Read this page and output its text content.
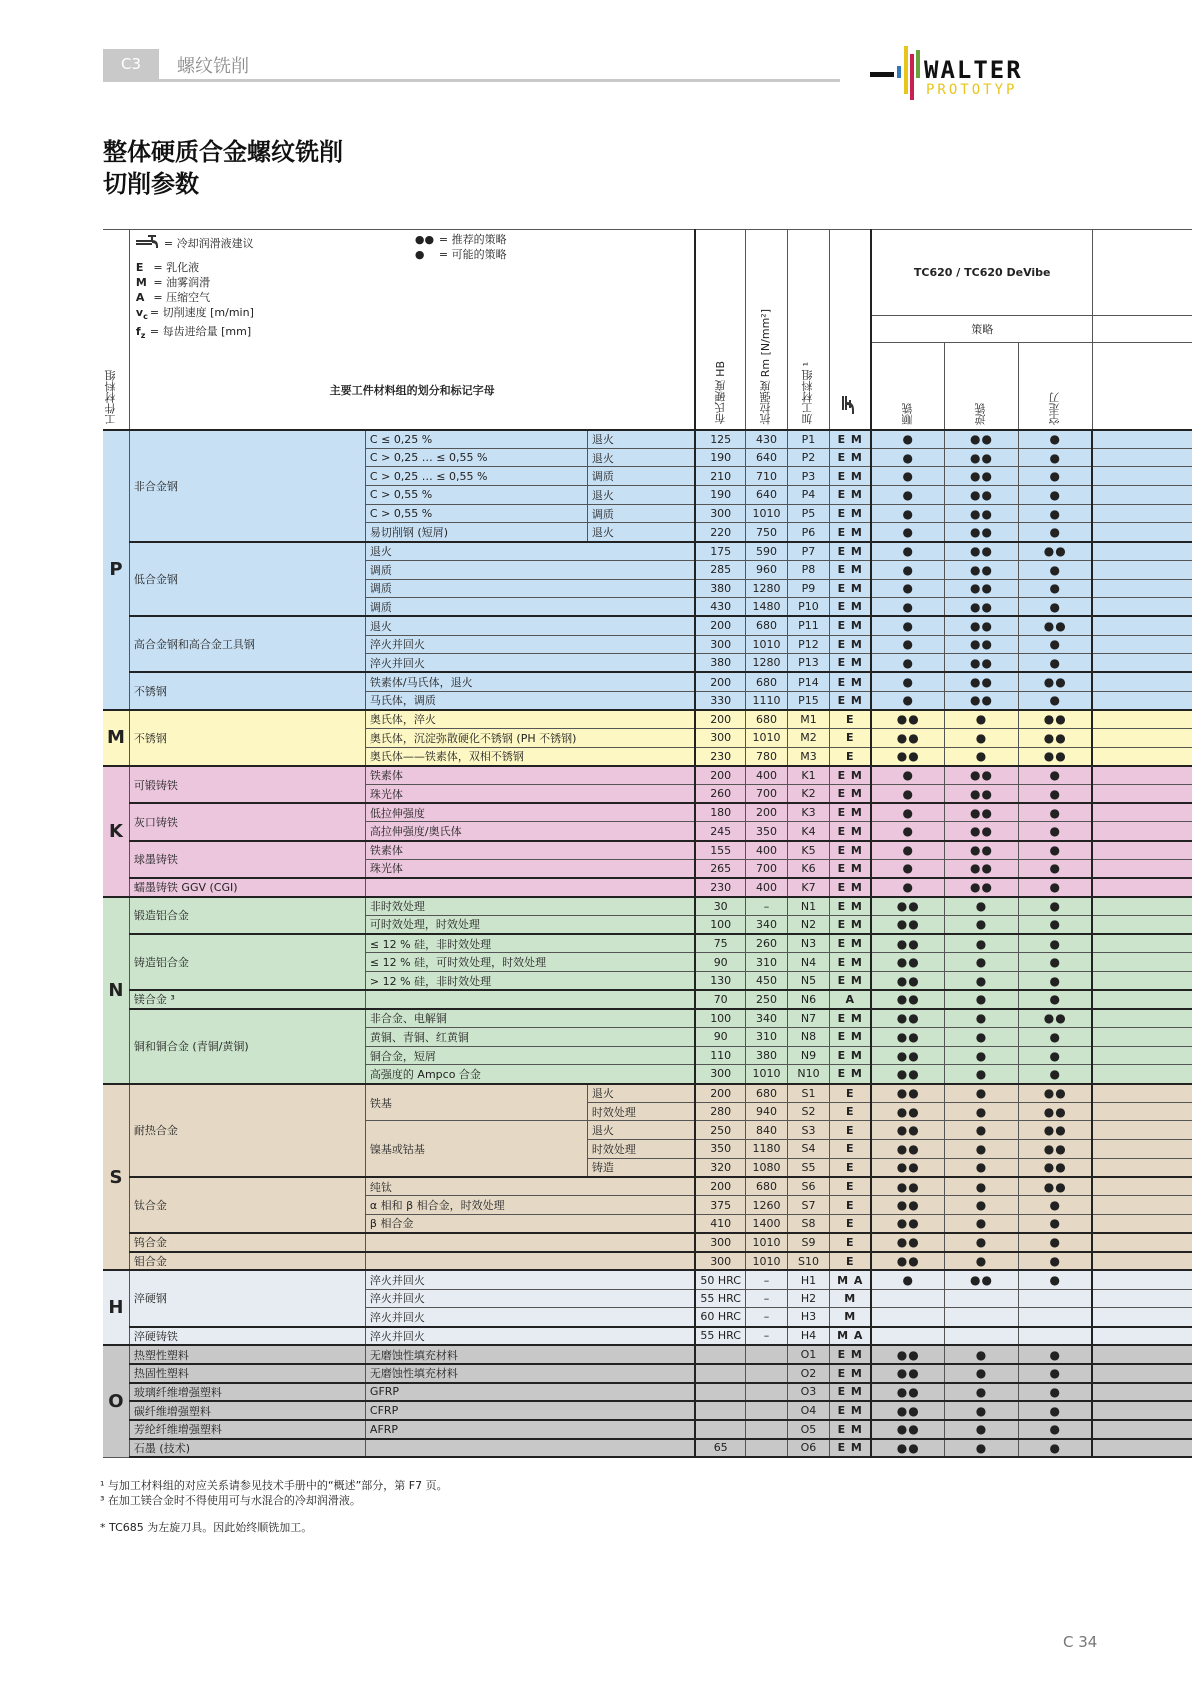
C3	螺纹铣削	WALTER
PROTOTYP
整体硬质合金螺纹铣削
切削参数
工件材料组

= 冷却润滑液建议
E = 乳化液
M = 油雾润滑
A = 压缩空气
$v_c$ = 切削速度 [m/min]
$f_z$ = 每齿进给量 [mm]
●● = 推荐的策略
● = 可能的策略
主要工件材料组的划分和标记字母	布氏硬度 HB	抗拉强度 Rm [N/mm²]	加工材料组 ¹
		TC620 / TC620 DeVibe	
								策略			

								顺铣	逆铣	空走刀	

P	非合金钢	C ≤ 0,25 %	退火	125	430	P1	E M	●	●●	●	
		C > 0,25 … ≤ 0,55 %	退火	190	640	P2	E M	●	●●	●	
		C > 0,25 … ≤ 0,55 %	调质	210	710	P3	E M	●	●●	●	
		C > 0,55 %	退火	190	640	P4	E M	●	●●	●	
		C > 0,55 %	调质	300	1010	P5	E M	●	●●	●	
		易切削钢 (短屑)	退火	220	750	P6	E M	●	●●	●	
	低合金钢	退火		175	590	P7	E M	●	●●	●●	
		调质		285	960	P8	E M	●	●●	●	
		调质		380	1280	P9	E M	●	●●	●	
		调质		430	1480	P10	E M	●	●●	●	
	高合金钢和高合金工具钢	退火		200	680	P11	E M	●	●●	●●	
		淬火并回火		300	1010	P12	E M	●	●●	●	
		淬火并回火		380	1280	P13	E M	●	●●	●	
	不锈钢	铁素体/马氏体，退火		200	680	P14	E M	●	●●	●●	
		马氏体，调质		330	1110	P15	E M	●	●●	●	
M	不锈钢	奥氏体，淬火		200	680	M1	E	●●	●	●●	
		奥氏体，沉淀弥散硬化不锈钢 (PH 不锈钢)		300	1010	M2	E	●●	●	●●	
		奥氏体——铁素体，双相不锈钢		230	780	M3	E	●●	●	●●	
K	可锻铸铁	铁素体		200	400	K1	E M	●	●●	●	
		珠光体		260	700	K2	E M	●	●●	●	
	灰口铸铁	低拉伸强度		180	200	K3	E M	●	●●	●	
		高拉伸强度/奥氏体		245	350	K4	E M	●	●●	●	
	球墨铸铁	铁素体		155	400	K5	E M	●	●●	●	
		珠光体		265	700	K6	E M	●	●●	●	
	蠕墨铸铁 GGV (CGI)			230	400	K7	E M	●	●●	●	
N	锻造铝合金	非时效处理		30	–	N1	E M	●●	●	●	
		可时效处理，时效处理		100	340	N2	E M	●●	●	●	
	铸造铝合金	≤ 12 % 硅，非时效处理		75	260	N3	E M	●●	●	●	
		≤ 12 % 硅，可时效处理，时效处理		90	310	N4	E M	●●	●	●	
		> 12 % 硅，非时效处理		130	450	N5	E M	●●	●	●	
	镁合金 ³			70	250	N6	A	●●	●	●	
	铜和铜合金 (青铜/黄铜)	非合金、电解铜		100	340	N7	E M	●●	●	●●	
		黄铜、青铜、红黄铜		90	310	N8	E M	●●	●	●	
		铜合金，短屑		110	380	N9	E M	●●	●	●	
		高强度的 Ampco 合金		300	1010	N10	E M	●●	●	●	
S	耐热合金	铁基	退火	200	680	S1	E	●●	●	●●	
			时效处理	280	940	S2	E	●●	●	●●	
		镍基或钴基	退火	250	840	S3	E	●●	●	●●	
			时效处理	350	1180	S4	E	●●	●	●●	
			铸造	320	1080	S5	E	●●	●	●●	
	钛合金	纯钛		200	680	S6	E	●●	●	●●	
		α 相和 β 相合金，时效处理		375	1260	S7	E	●●	●	●	
		β 相合金		410	1400	S8	E	●●	●	●	
	钨合金			300	1010	S9	E	●●	●	●	
	钼合金			300	1010	S10	E	●●	●	●	
H	淬硬钢	淬火并回火		50 HRC	–	H1	M A	●	●●	●	
		淬火并回火		55 HRC	–	H2	M				
		淬火并回火		60 HRC	–	H3	M				
	淬硬铸铁	淬火并回火		55 HRC	–	H4	M A				
O	热塑性塑料	无磨蚀性填充材料				O1	E M	●●	●	●	
	热固性塑料	无磨蚀性填充材料				O2	E M	●●	●	●	
	玻璃纤维增强塑料	GFRP				O3	E M	●●	●	●	
	碳纤维增强塑料	CFRP				O4	E M	●●	●	●	
	芳纶纤维增强塑料	AFRP				O5	E M	●●	●	●	
	石墨 (技术)			65		O6	E M	●●	●	●	
¹ 与加工材料组的对应关系请参见技术手册中的“概述”部分，第 F7 页。
³ 在加工镁合金时不得使用可与水混合的冷却润滑液。
* TC685 为左旋刀具。因此始终顺铣加工。
C 34
